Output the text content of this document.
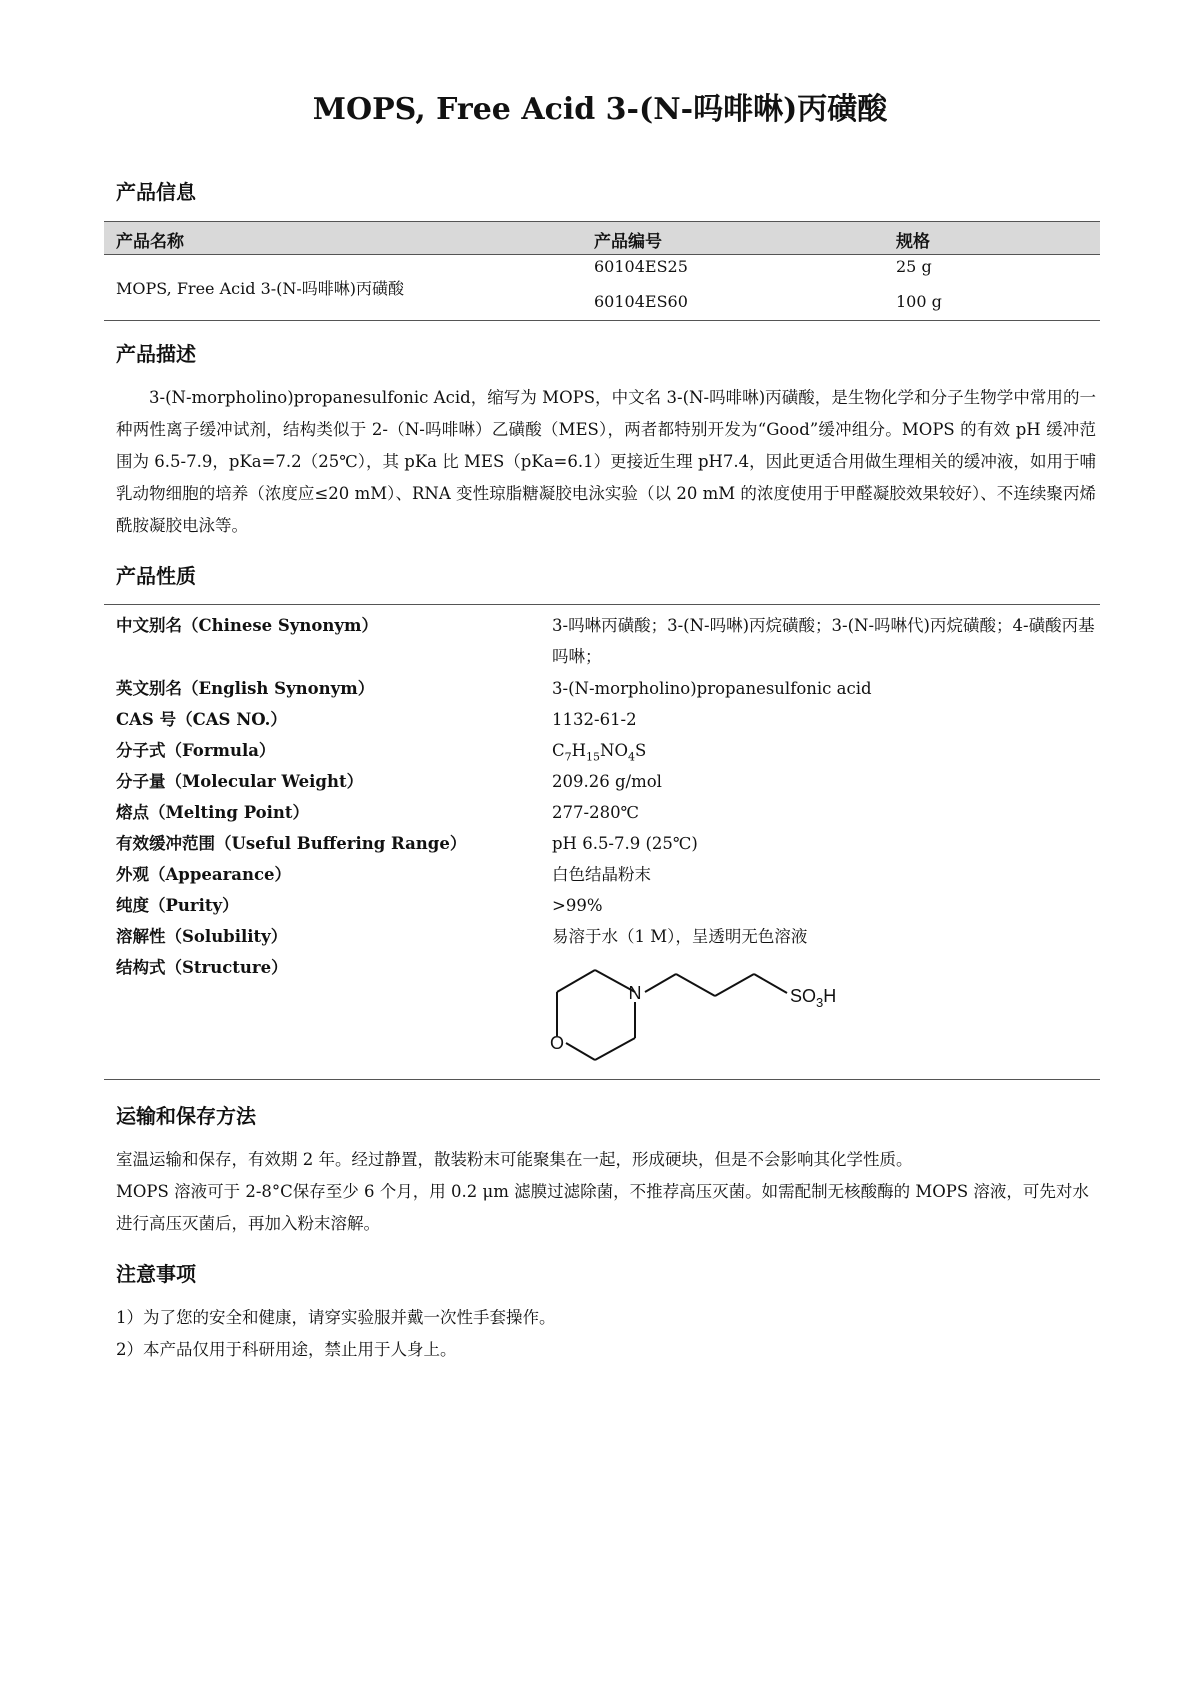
MOPS, Free Acid 3-(N-吗啡啉)丙磺酸
产品信息
产品名称	产品编号	规格
MOPS, Free Acid 3-(N-吗啡啉)丙磺酸
60104ES25	25 g
60104ES60	100 g
产品描述

3-(N-morpholino)propanesulfonic Acid，缩写为 MOPS，中文名 3-(N-吗啡啉)丙磺酸，是生物化学和分子生物学中常用的一种两性离子缓冲试剂，结构类似于 2-（N-吗啡啉）乙磺酸（MES），两者都特别开发为“Good”缓冲组分。MOPS 的有效 pH 缓冲范围为 6.5-7.9，pKa=7.2（25℃），其 pKa 比 MES（pKa=6.1）更接近生理 pH7.4，因此更适合用做生理相关的缓冲液，如用于哺乳动物细胞的培养（浓度应≤20 mM）、RNA 变性琼脂糖凝胶电泳实验（以 20 mM 的浓度使用于甲醛凝胶效果较好）、不连续聚丙烯酰胺凝胶电泳等。

产品性质
中文别名（Chinese Synonym）	3-吗啉丙磺酸；3-(N-吗啉)丙烷磺酸；3-(N-吗啉代)丙烷磺酸；4-磺酸丙基吗啉；
英文别名（English Synonym）	3-(N-morpholino)propanesulfonic acid
CAS 号（CAS NO.）	1132-61-2
分子式（Formula）	$C_7H_{15}NO_4S$
分子量（Molecular Weight）	209.26 g/mol
熔点（Melting Point）	277-280℃
有效缓冲范围（Useful Buffering Range）	pH 6.5-7.9 (25℃)
外观（Appearance）	白色结晶粉末
纯度（Purity）	>99%
溶解性（Solubility）	易溶于水（1 M），呈透明无色溶液
结构式（Structure）
N
O
$SO_3H$
运输和保存方法

室温运输和保存，有效期 2 年。经过静置，散装粉末可能聚集在一起，形成硬块，但是不会影响其化学性质。

MOPS 溶液可于 2-8°C保存至少 6 个月，用 0.2 μm 滤膜过滤除菌，不推荐高压灭菌。如需配制无核酸酶的 MOPS 溶液，可先对水进行高压灭菌后，再加入粉末溶解。

注意事项

1）为了您的安全和健康，请穿实验服并戴一次性手套操作。

2）本产品仅用于科研用途，禁止用于人身上。
